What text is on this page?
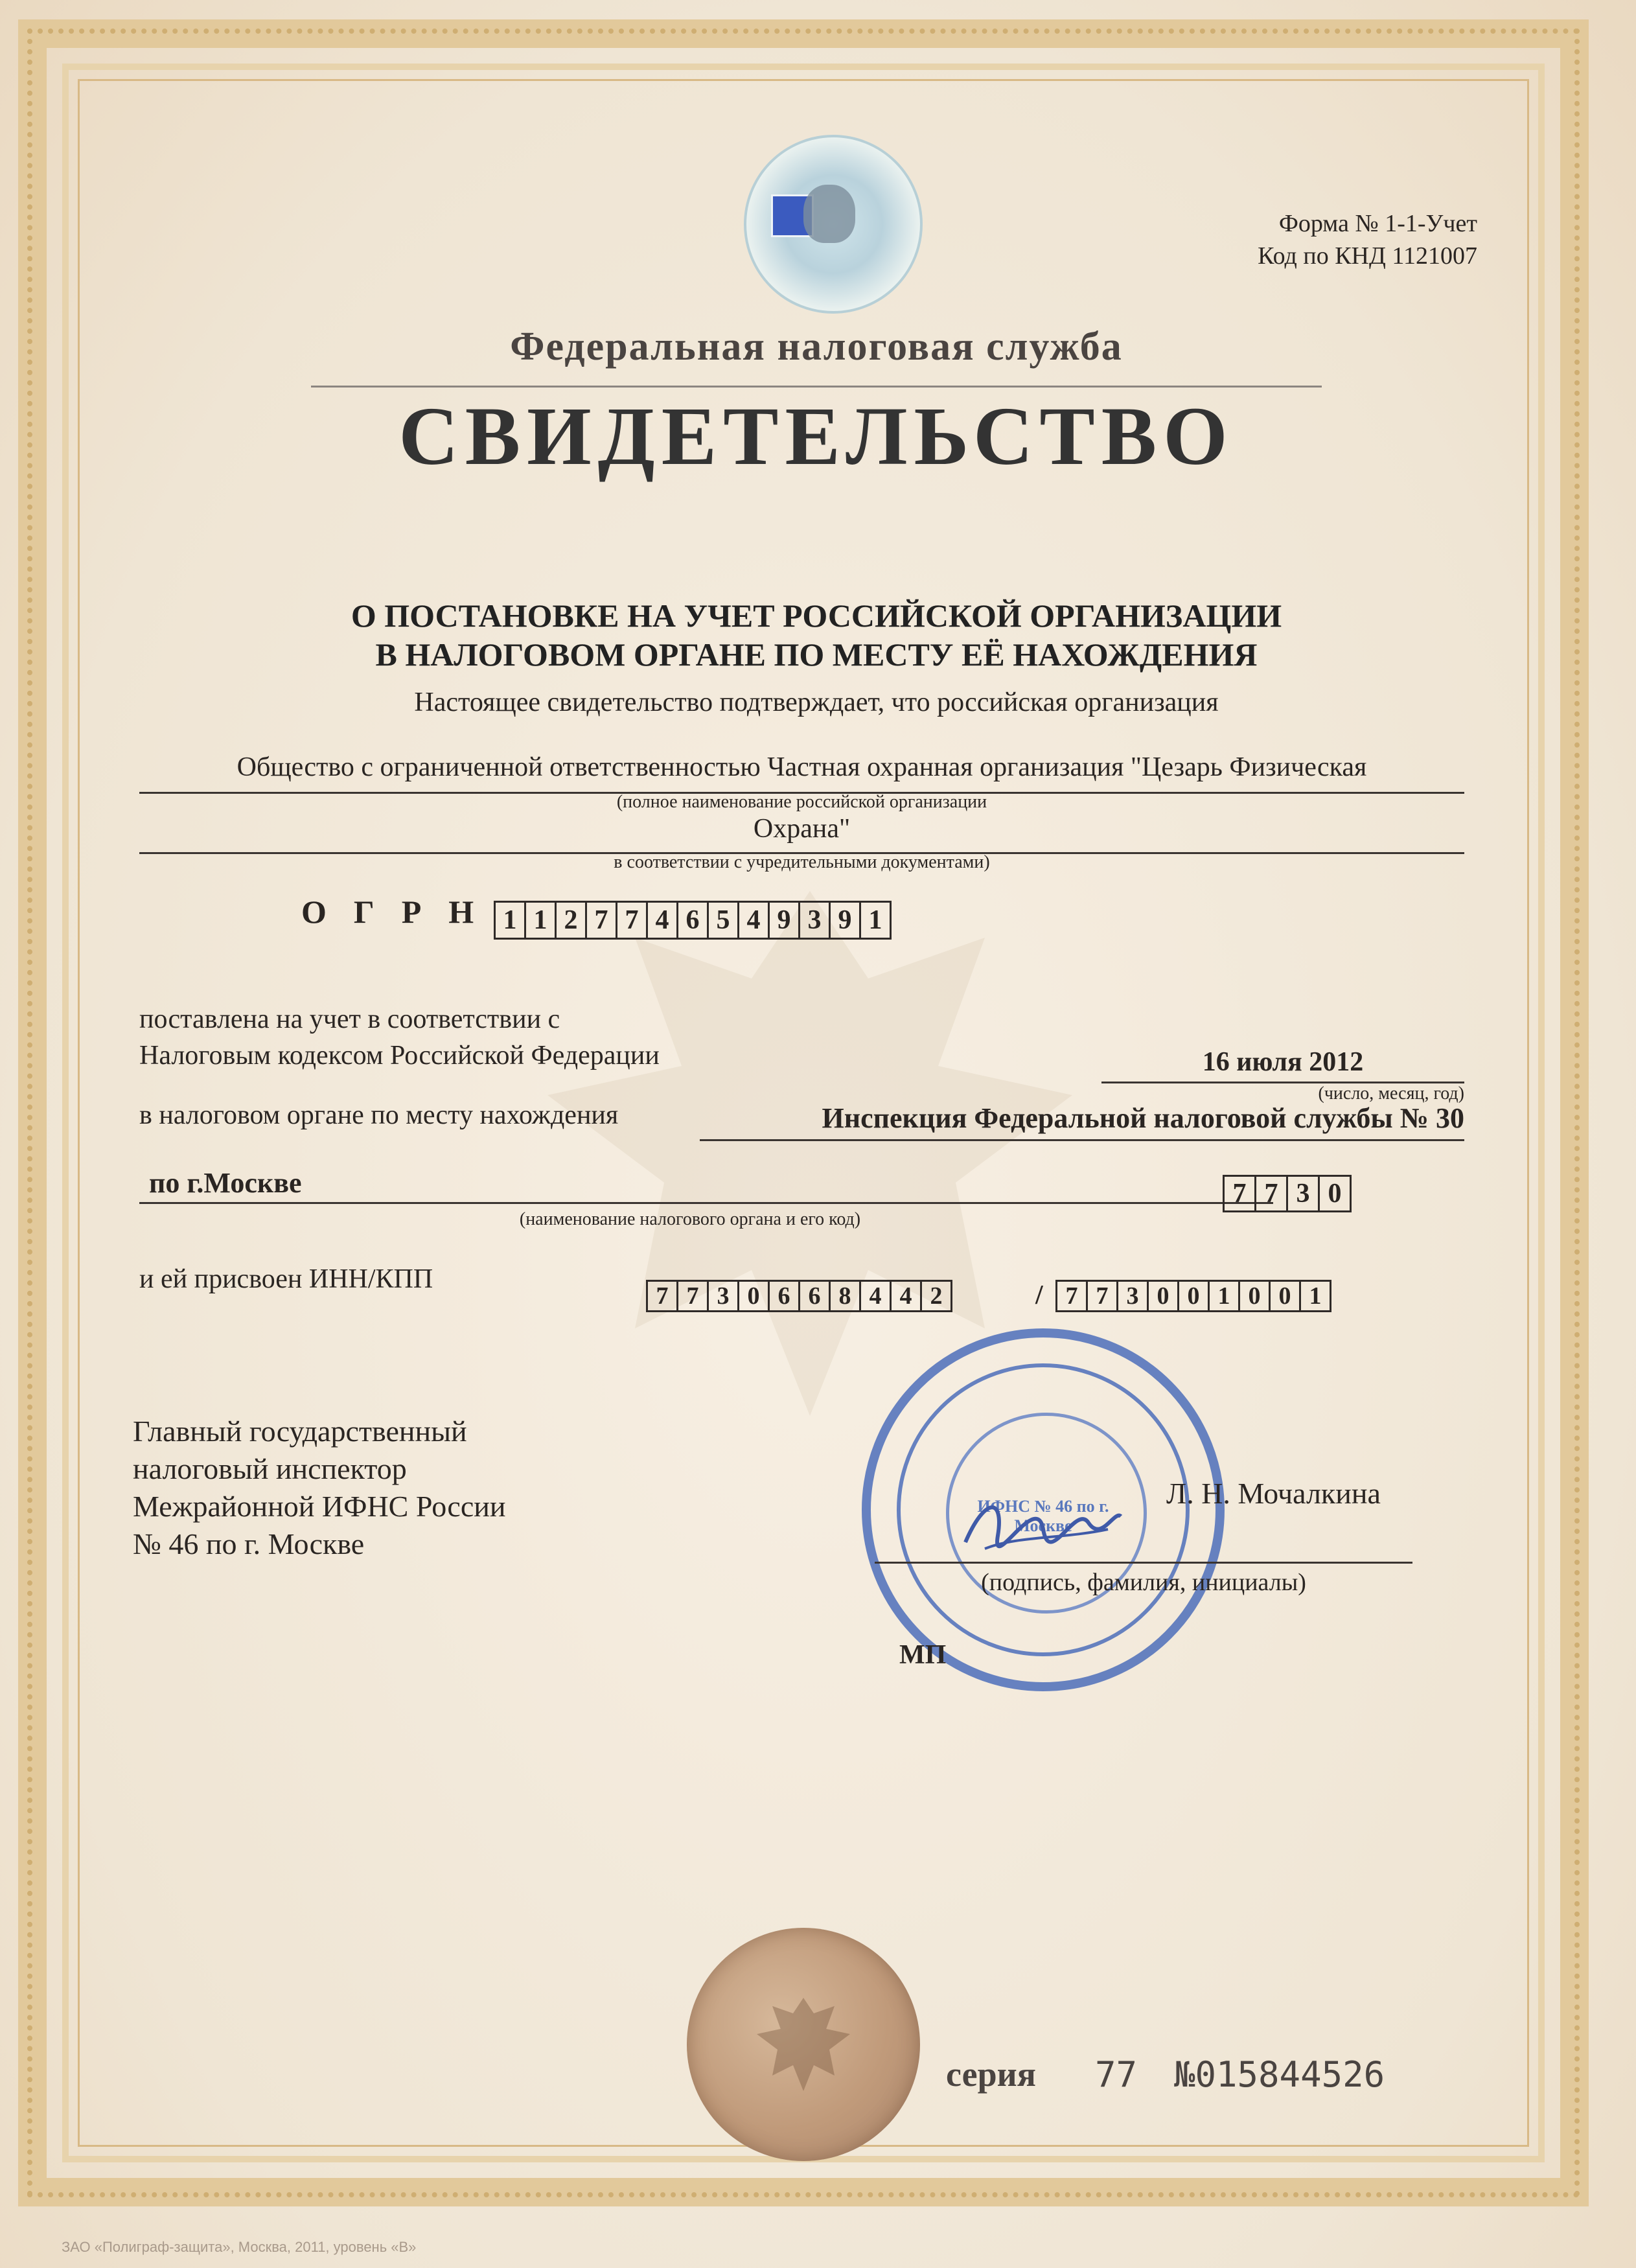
Форма № 1-1-Учет
Код по КНД 1121007
Федеральная налоговая служба
СВИДЕТЕЛЬСТВО
О ПОСТАНОВКЕ НА УЧЕТ РОССИЙСКОЙ ОРГАНИЗАЦИИ
В НАЛОГОВОМ ОРГАНЕ ПО МЕСТУ ЕЁ НАХОЖДЕНИЯ
Настоящее свидетельство подтверждает, что российская организация
Общество с ограниченной ответственностью Частная охранная организация "Цезарь Физическая
(полное наименование российской организации
Охрана"
в соответствии с учредительными документами)
ОГРН 1 1 2 7 7 4 6 5 4 9 3 9 1
поставлена на учет в соответствии с
Налоговым кодексом Российской Федерации	16 июля 2012
(число, месяц, год)
в налоговом органе по месту нахождения	Инспекция Федеральной налоговой службы № 30
по г.Москве	7 7 3 0
(наименование налогового органа и его код)
и ей присвоен ИНН/КПП
7 7 3 0 6 6 8 4 4 2	/ 7 7 3 0 0 1 0 0 1
Главный государственный
налоговый инспектор
Межрайонной ИФНС России
№ 46 по г. Москве
ИФНС № 46 по г. Москве
Л. Н. Мочалкина
(подпись, фамилия, инициалы)
МП
серия 77 №015844526
ЗАО «Полиграф-защита», Москва, 2011, уровень «В»
